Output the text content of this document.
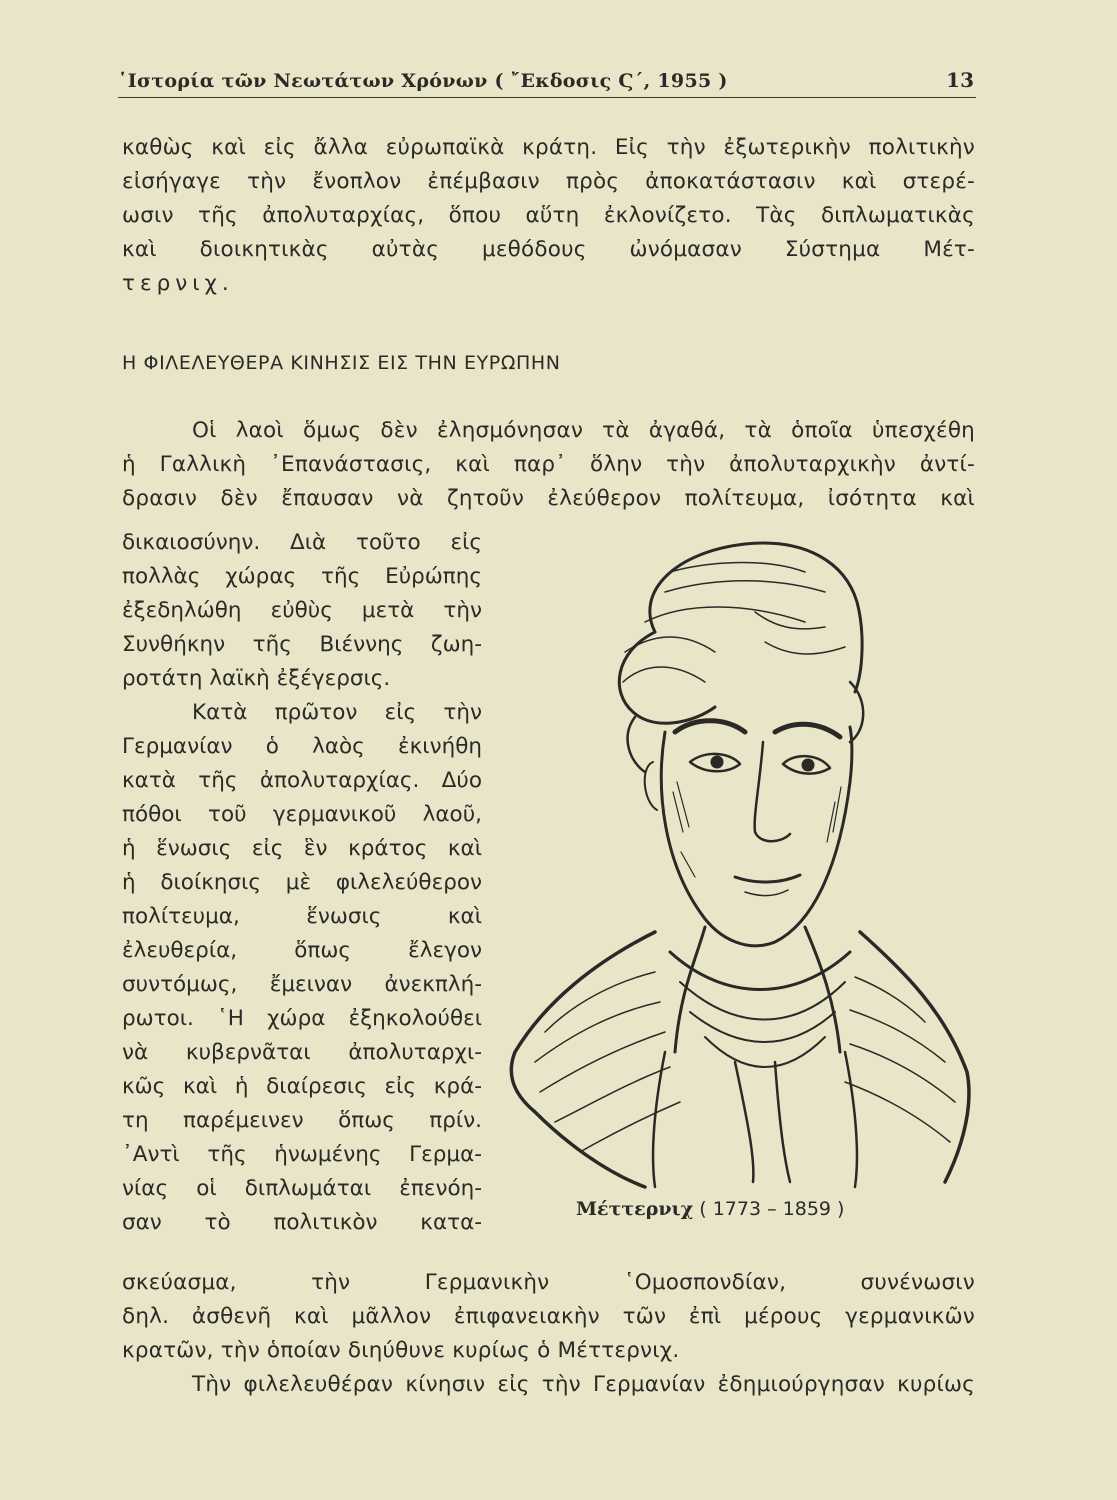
῾Ιστορία τῶν Νεωτάτων Χρόνων ( ῎Εκδοσις Ϛ΄, 1955 )	13
καθὼς καὶ εἰς ἄλλα εὐρωπαϊκὰ κράτη. Εἰς τὴν ἐξωτερικὴν πολιτικὴν
εἰσήγαγε τὴν ἔνοπλον ἐπέμβασιν πρὸς ἀποκατάστασιν καὶ στερέ-
ωσιν τῆς ἀπολυταρχίας, ὅπου αὕτη ἐκλονίζετο. Τὰς διπλωματικὰς
καὶ διοικητικὰς αὐτὰς μεθόδους ὠνόμασαν Σύστημα Μέτ-
τερνιχ.
Η ΦΙΛΕΛΕΥΘΕΡΑ ΚΙΝΗΣΙΣ ΕΙΣ ΤΗΝ ΕΥΡΩΠΗΝ
Οἱ λαοὶ ὅμως δὲν ἐλησμόνησαν τὰ ἀγαθά, τὰ ὁποῖα ὑπεσχέθη
ἡ Γαλλικὴ ᾿Επανάστασις, καὶ παρ᾿ ὅλην τὴν ἀπολυταρχικὴν ἀντί-
δρασιν δὲν ἔπαυσαν νὰ ζητοῦν ἐλεύθερον πολίτευμα, ἰσότητα καὶ
δικαιοσύνην. Διὰ τοῦτο εἰς
πολλὰς χώρας τῆς Εὐρώπης
ἐξεδηλώθη εὐθὺς μετὰ τὴν
Συνθήκην τῆς Βιέννης ζωη-
ροτάτη λαϊκὴ ἐξέγερσις.
Κατὰ πρῶτον εἰς τὴν
Γερμανίαν ὁ λαὸς ἐκινήθη
κατὰ τῆς ἀπολυταρχίας. Δύο
πόθοι τοῦ γερμανικοῦ λαοῦ,
ἡ ἕνωσις εἰς ἓν κράτος καὶ
ἡ διοίκησις μὲ φιλελεύθερον
πολίτευμα, ἕνωσις καὶ
ἐλευθερία, ὅπως ἔλεγον
συντόμως, ἔμειναν ἀνεκπλή-
ρωτοι. ῾Η χώρα ἐξηκολούθει
νὰ κυβερνᾶται ἀπολυταρχι-
κῶς καὶ ἡ διαίρεσις εἰς κρά-
τη παρέμεινεν ὅπως πρίν.
᾿Αντὶ τῆς ἡνωμένης Γερμα-
νίας οἱ διπλωμάται ἐπενόη-
σαν τὸ πολιτικὸν κατα-
Μέττερνιχ ( 1773 – 1859 )
σκεύασμα, τὴν Γερμανικὴν ῾Ομοσπονδίαν, συνένωσιν
δηλ. ἀσθενῆ καὶ μᾶλλον ἐπιφανειακὴν τῶν ἐπὶ μέρους γερμανικῶν
κρατῶν, τὴν ὁποίαν διηύθυνε κυρίως ὁ Μέττερνιχ.
Τὴν φιλελευθέραν κίνησιν εἰς τὴν Γερμανίαν ἐδημιούργησαν κυρίως
